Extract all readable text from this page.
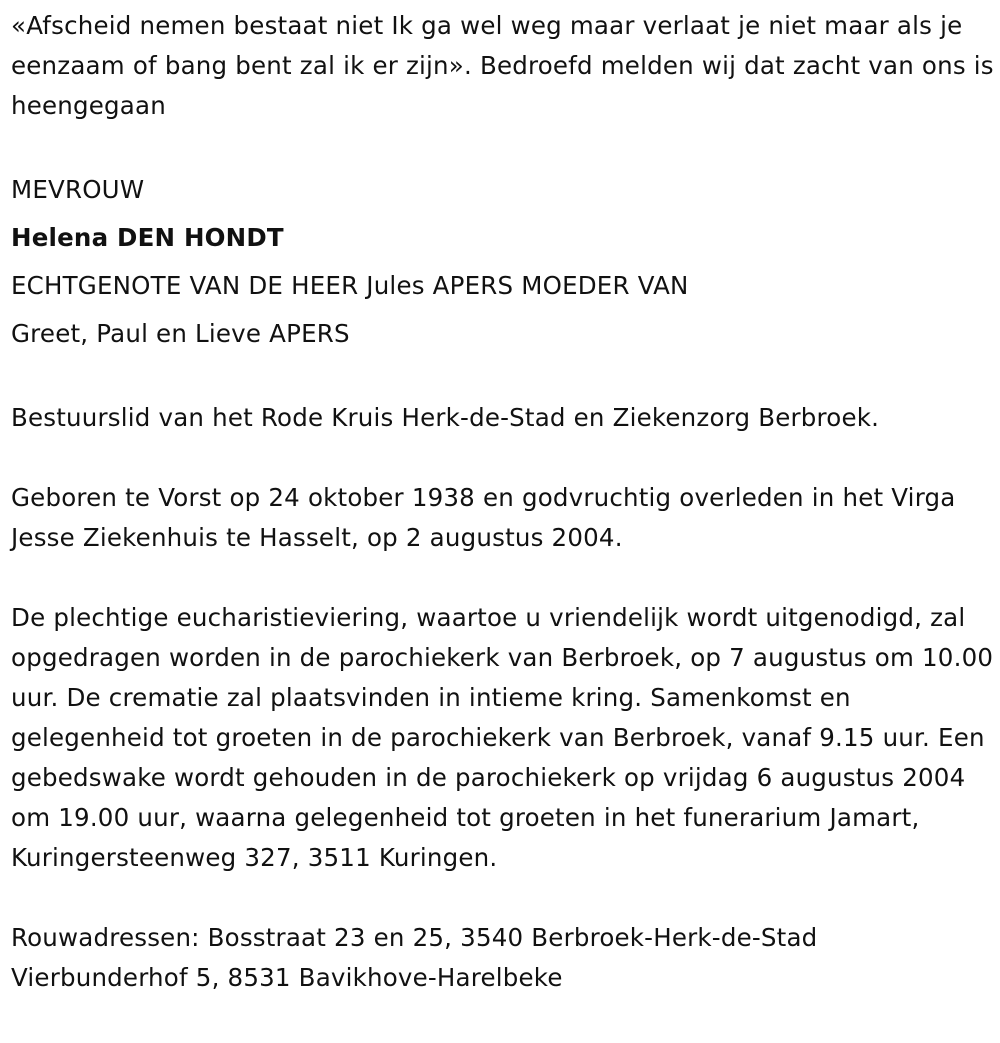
«Afscheid nemen bestaat niet Ik ga wel weg maar verlaat je niet maar als je eenzaam of bang bent zal ik er zijn». Bedroefd melden wij dat zacht van ons is heengegaan

MEVROUW

Helena DEN HONDT

ECHTGENOTE VAN DE HEER Jules APERS MOEDER VAN

Greet, Paul en Lieve APERS

Bestuurslid van het Rode Kruis Herk-de-Stad en Ziekenzorg Berbroek.

Geboren te Vorst op 24 oktober 1938 en godvruchtig overleden in het Virga Jesse Ziekenhuis te Hasselt, op 2 augustus 2004.

De plechtige eucharistieviering, waartoe u vriendelijk wordt uitgenodigd, zal opgedragen worden in de parochiekerk van Berbroek, op 7 augustus om 10.00 uur. De crematie zal plaatsvinden in intieme kring. Samenkomst en gelegenheid tot groeten in de parochiekerk van Berbroek, vanaf 9.15 uur. Een gebedswake wordt gehouden in de parochiekerk op vrijdag 6 augustus 2004 om 19.00 uur, waarna gelegenheid tot groeten in het funerarium Jamart, Kuringersteenweg 327, 3511 Kuringen.

Rouwadressen: Bosstraat 23 en 25, 3540 Berbroek-Herk-de-Stad

Vierbunderhof 5, 8531 Bavikhove-Harelbeke
